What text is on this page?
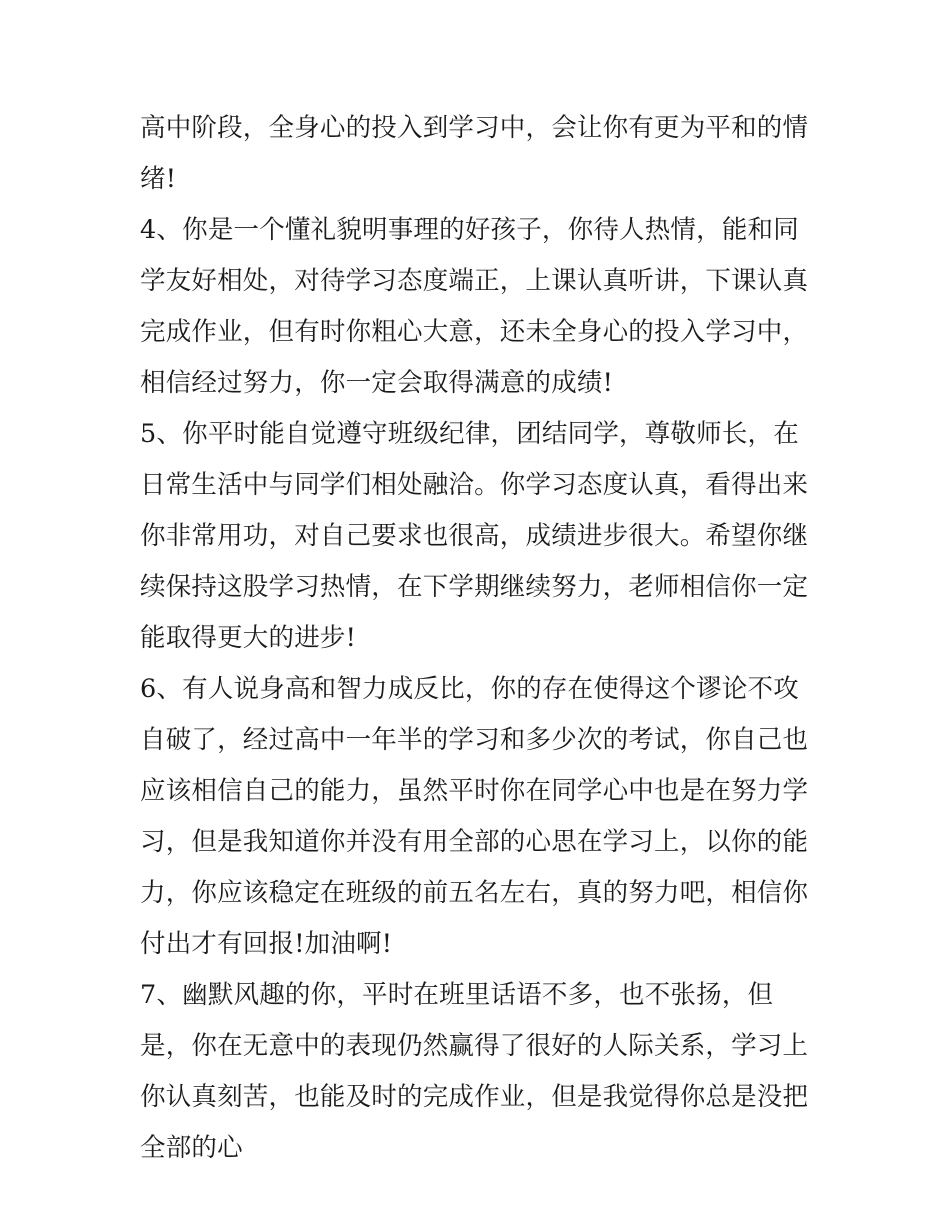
高中阶段，全身心的投入到学习中，会让你有更为平和的情绪!

4、你是一个懂礼貌明事理的好孩子，你待人热情，能和同学友好相处，对待学习态度端正，上课认真听讲，下课认真完成作业，但有时你粗心大意，还未全身心的投入学习中，相信经过努力，你一定会取得满意的成绩!

5、你平时能自觉遵守班级纪律，团结同学，尊敬师长，在日常生活中与同学们相处融洽。你学习态度认真，看得出来你非常用功，对自己要求也很高，成绩进步很大。希望你继续保持这股学习热情，在下学期继续努力，老师相信你一定能取得更大的进步!

6、有人说身高和智力成反比，你的存在使得这个谬论不攻自破了，经过高中一年半的学习和多少次的考试，你自己也应该相信自己的能力，虽然平时你在同学心中也是在努力学习，但是我知道你并没有用全部的心思在学习上，以你的能力，你应该稳定在班级的前五名左右，真的努力吧，相信你付出才有回报!加油啊!

7、幽默风趣的你，平时在班里话语不多，也不张扬，但是，你在无意中的表现仍然赢得了很好的人际关系，学习上你认真刻苦，也能及时的完成作业，但是我觉得你总是没把全部的心
